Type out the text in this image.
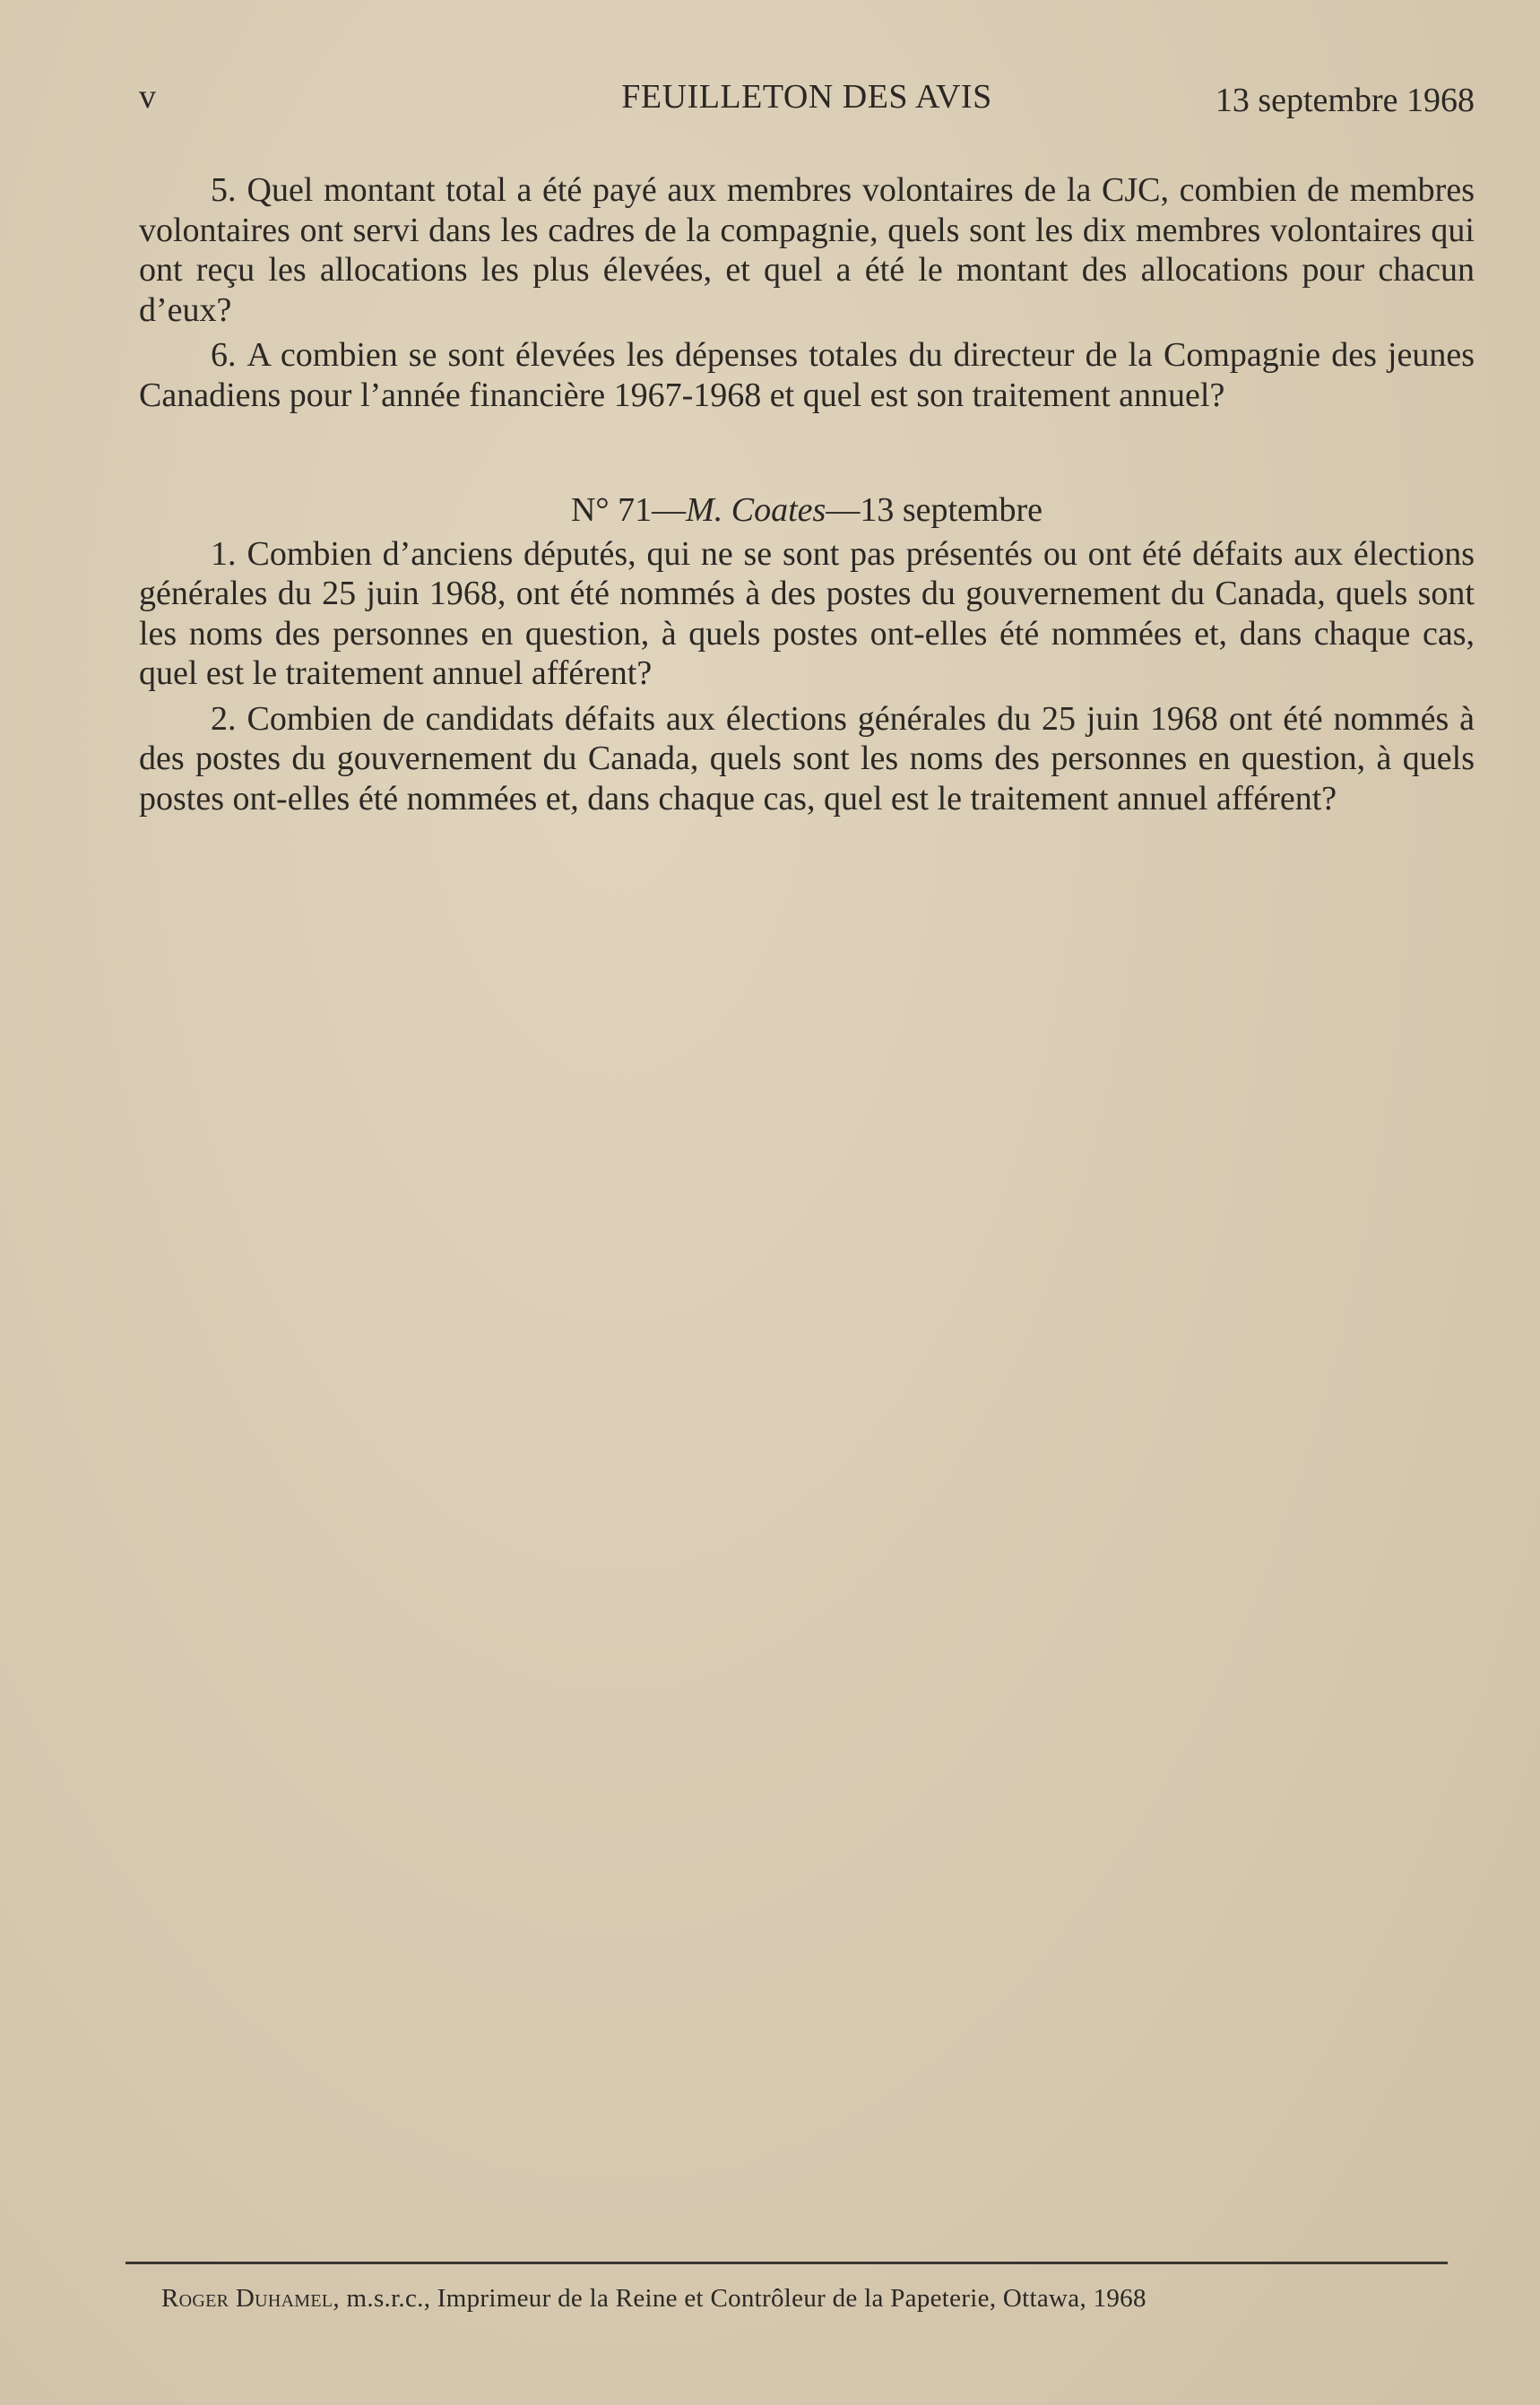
v	FEUILLETON DES AVIS	13 septembre 1968

5. Quel montant total a été payé aux membres volontaires de la CJC, combien de membres volontaires ont servi dans les cadres de la compagnie, quels sont les dix membres volontaires qui ont reçu les allocations les plus élevées, et quel a été le montant des allocations pour chacun d’eux?

6. A combien se sont élevées les dépenses totales du directeur de la Compagnie des jeunes Canadiens pour l’année financière 1967-1968 et quel est son traitement annuel?

N° 71—M. Coates—13 septembre

1. Combien d’anciens députés, qui ne se sont pas présentés ou ont été défaits aux élections générales du 25 juin 1968, ont été nommés à des postes du gouvernement du Canada, quels sont les noms des personnes en question, à quels postes ont-elles été nommées et, dans chaque cas, quel est le traitement annuel afférent?

2. Combien de candidats défaits aux élections générales du 25 juin 1968 ont été nommés à des postes du gouvernement du Canada, quels sont les noms des personnes en question, à quels postes ont-elles été nommées et, dans chaque cas, quel est le traitement annuel afférent?

Roger Duhamel, m.s.r.c., Imprimeur de la Reine et Contrôleur de la Papeterie, Ottawa, 1968
